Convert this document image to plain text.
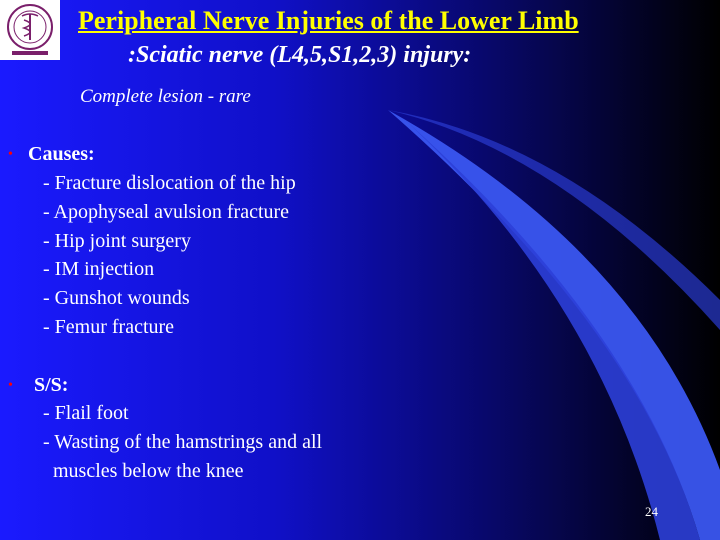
Peripheral Nerve Injuries of the Lower Limb
:Sciatic nerve (L4,5,S1,2,3) injury:
Complete lesion - rare
• Causes:
- Fracture dislocation of the hip
- Apophyseal avulsion fracture
- Hip joint surgery
- IM injection
- Gunshot wounds
- Femur fracture
• S/S:
- Flail foot
- Wasting of the hamstrings and all
muscles below the knee
24
